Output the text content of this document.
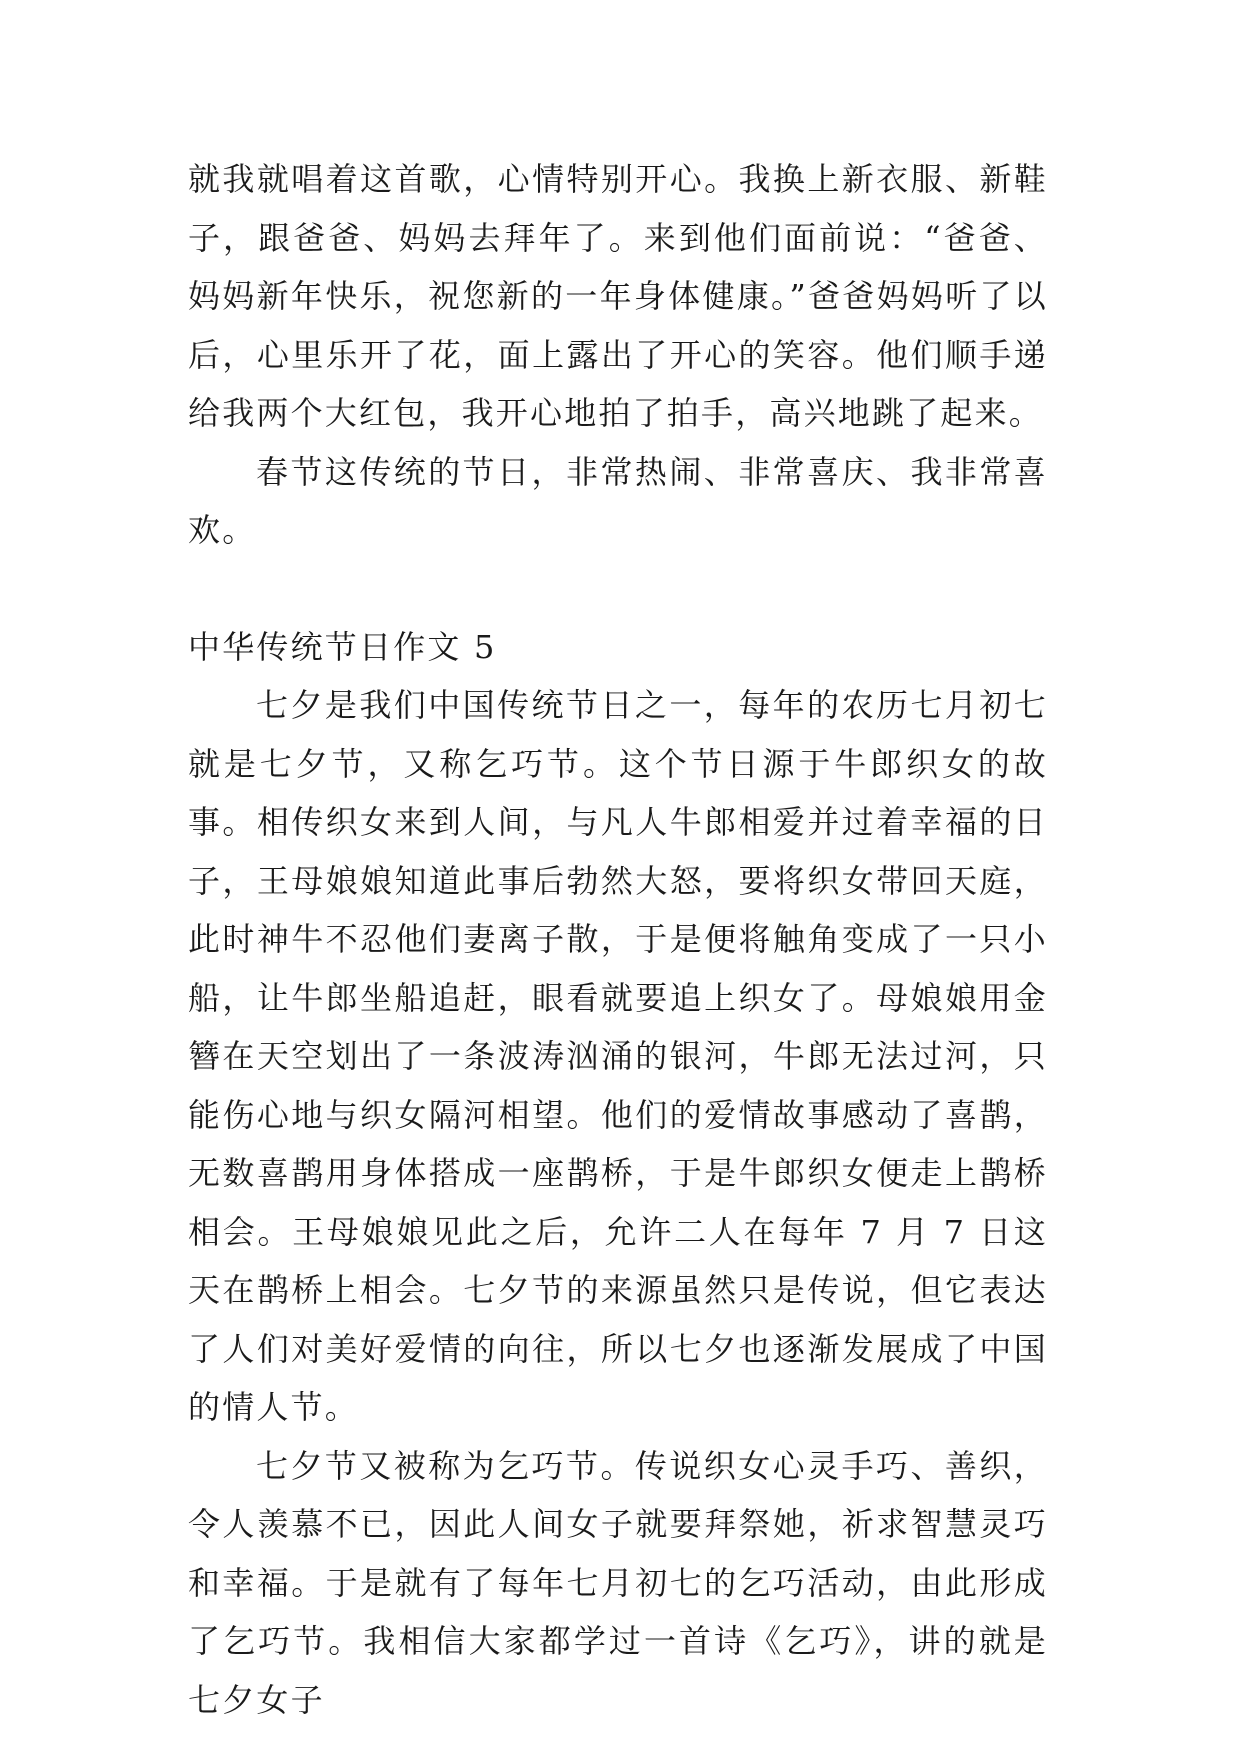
就我就唱着这首歌，心情特别开心。我换上新衣服、新鞋子，跟爸爸、妈妈去拜年了。来到他们面前说：“爸爸、妈妈新年快乐，祝您新的一年身体健康。”爸爸妈妈听了以后，心里乐开了花，面上露出了开心的笑容。他们顺手递给我两个大红包，我开心地拍了拍手，高兴地跳了起来。

春节这传统的节日，非常热闹、非常喜庆、我非常喜欢。

中华传统节日作文 5

七夕是我们中国传统节日之一，每年的农历七月初七就是七夕节，又称乞巧节。这个节日源于牛郎织女的故事。相传织女来到人间，与凡人牛郎相爱并过着幸福的日子，王母娘娘知道此事后勃然大怒，要将织女带回天庭，此时神牛不忍他们妻离子散，于是便将触角变成了一只小船，让牛郎坐船追赶，眼看就要追上织女了。母娘娘用金簪在天空划出了一条波涛汹涌的银河，牛郎无法过河，只能伤心地与织女隔河相望。他们的爱情故事感动了喜鹊，无数喜鹊用身体搭成一座鹊桥，于是牛郎织女便走上鹊桥相会。王母娘娘见此之后，允许二人在每年 7 月 7 日这天在鹊桥上相会。七夕节的来源虽然只是传说，但它表达了人们对美好爱情的向往，所以七夕也逐渐发展成了中国的情人节。

七夕节又被称为乞巧节。传说织女心灵手巧、善织，令人羡慕不已，因此人间女子就要拜祭她，祈求智慧灵巧和幸福。于是就有了每年七月初七的乞巧活动，由此形成了乞巧节。我相信大家都学过一首诗《乞巧》，讲的就是七夕女子
